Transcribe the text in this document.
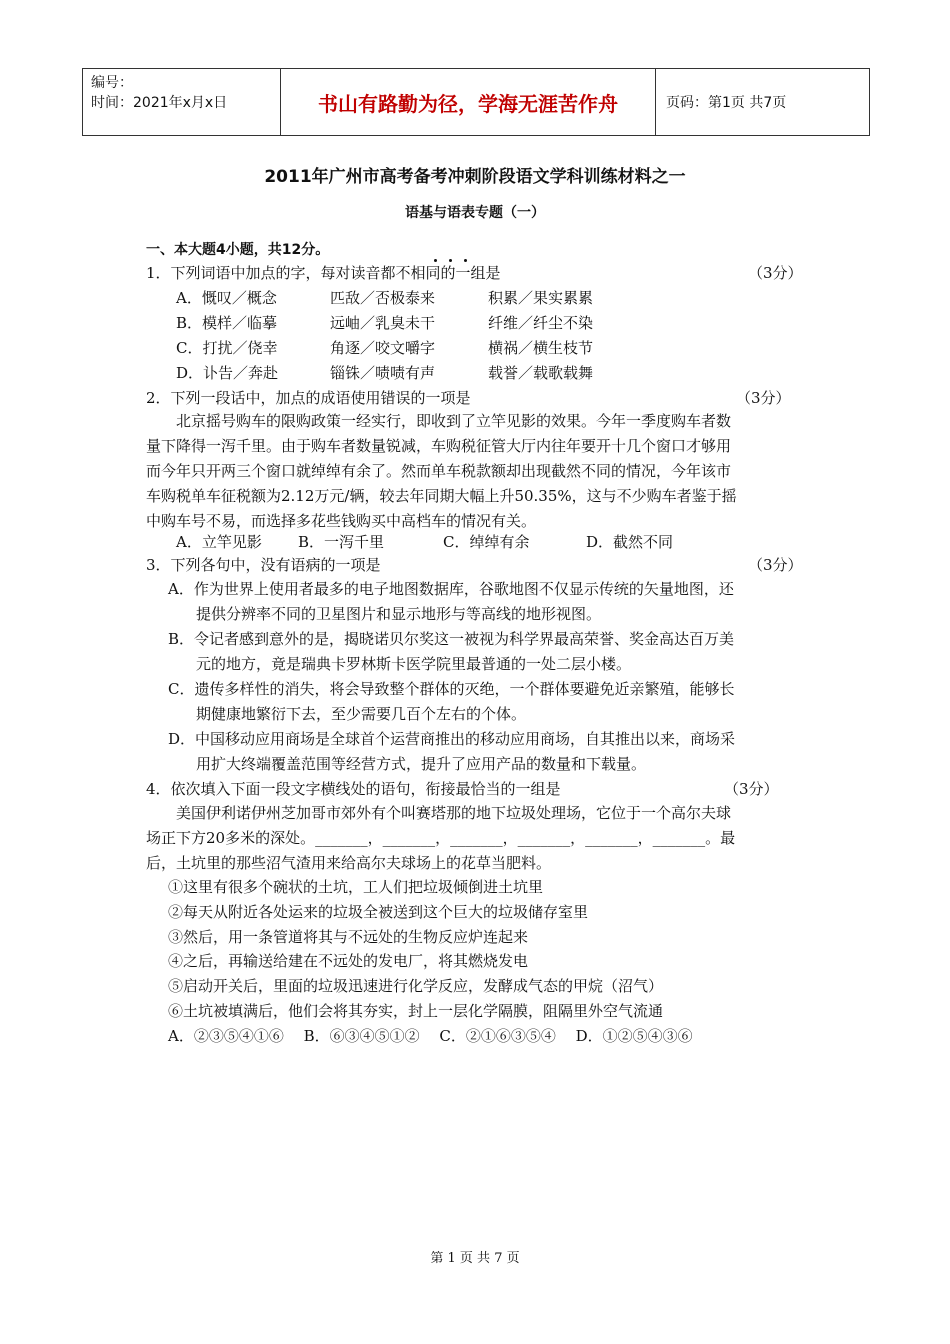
编号：
时间：2021年x月x日	书山有路勤为径，学海无涯苦作舟	页码：第1页 共7页
2011年广州市高考备考冲刺阶段语文学科训练材料之一
语基与语表专题（一）
一、本大题4小题，共12分。
1．下列词语中加点的字，每对读音都不相同的一组是	（3分）
A．慨叹／概念	匹敌／否极泰来	积累／果实累累
B．模样／临摹	远岫／乳臭未干	纤维／纤尘不染
C．打扰／侥幸	角逐／咬文嚼字	横祸／横生枝节
D．讣告／奔赴	锱铢／啧啧有声	载誉／载歌载舞
2．下列一段话中，加点的成语使用错误的一项是	（3分）
北京摇号购车的限购政策一经实行，即收到了立竿见影的效果。今年一季度购车者数
量下降得一泻千里。由于购车者数量锐减，车购税征管大厅内往年要开十几个窗口才够用
而今年只开两三个窗口就绰绰有余了。然而单车税款额却出现截然不同的情况，今年该市
车购税单车征税额为2.12万元/辆，较去年同期大幅上升50.35%，这与不少购车者鉴于摇
中购车号不易，而选择多花些钱购买中高档车的情况有关。
A．立竿见影 B．一泻千里	C．绰绰有余	D．截然不同
3．下列各句中，没有语病的一项是	（3分）
A．作为世界上使用者最多的电子地图数据库，谷歌地图不仅显示传统的矢量地图，还
提供分辨率不同的卫星图片和显示地形与等高线的地形视图。
B．令记者感到意外的是，揭晓诺贝尔奖这一被视为科学界最高荣誉、奖金高达百万美
元的地方，竟是瑞典卡罗林斯卡医学院里最普通的一处二层小楼。
C．遗传多样性的消失，将会导致整个群体的灭绝，一个群体要避免近亲繁殖，能够长
期健康地繁衍下去，至少需要几百个左右的个体。
D．中国移动应用商场是全球首个运营商推出的移动应用商场，自其推出以来，商场采
用扩大终端覆盖范围等经营方式，提升了应用产品的数量和下载量。
4．依次填入下面一段文字横线处的语句，衔接最恰当的一组是	（3分）
美国伊利诺伊州芝加哥市郊外有个叫赛塔那的地下垃圾处理场，它位于一个高尔夫球
场正下方20多米的深处。_______，_______，_______，_______，_______，_______。最
后，土坑里的那些沼气渣用来给高尔夫球场上的花草当肥料。
①这里有很多个碗状的土坑，工人们把垃圾倾倒进土坑里
②每天从附近各处运来的垃圾全被送到这个巨大的垃圾储存室里
③然后，用一条管道将其与不远处的生物反应炉连起来
④之后，再输送给建在不远处的发电厂，将其燃烧发电
⑤启动开关后，里面的垃圾迅速进行化学反应，发酵成气态的甲烷（沼气）
⑥土坑被填满后，他们会将其夯实，封上一层化学隔膜，阻隔里外空气流通
A．②③⑤④①⑥　 B．⑥③④⑤①②　 C．②①⑥③⑤④　 D．①②⑤④③⑥
第 1 页 共 7 页
